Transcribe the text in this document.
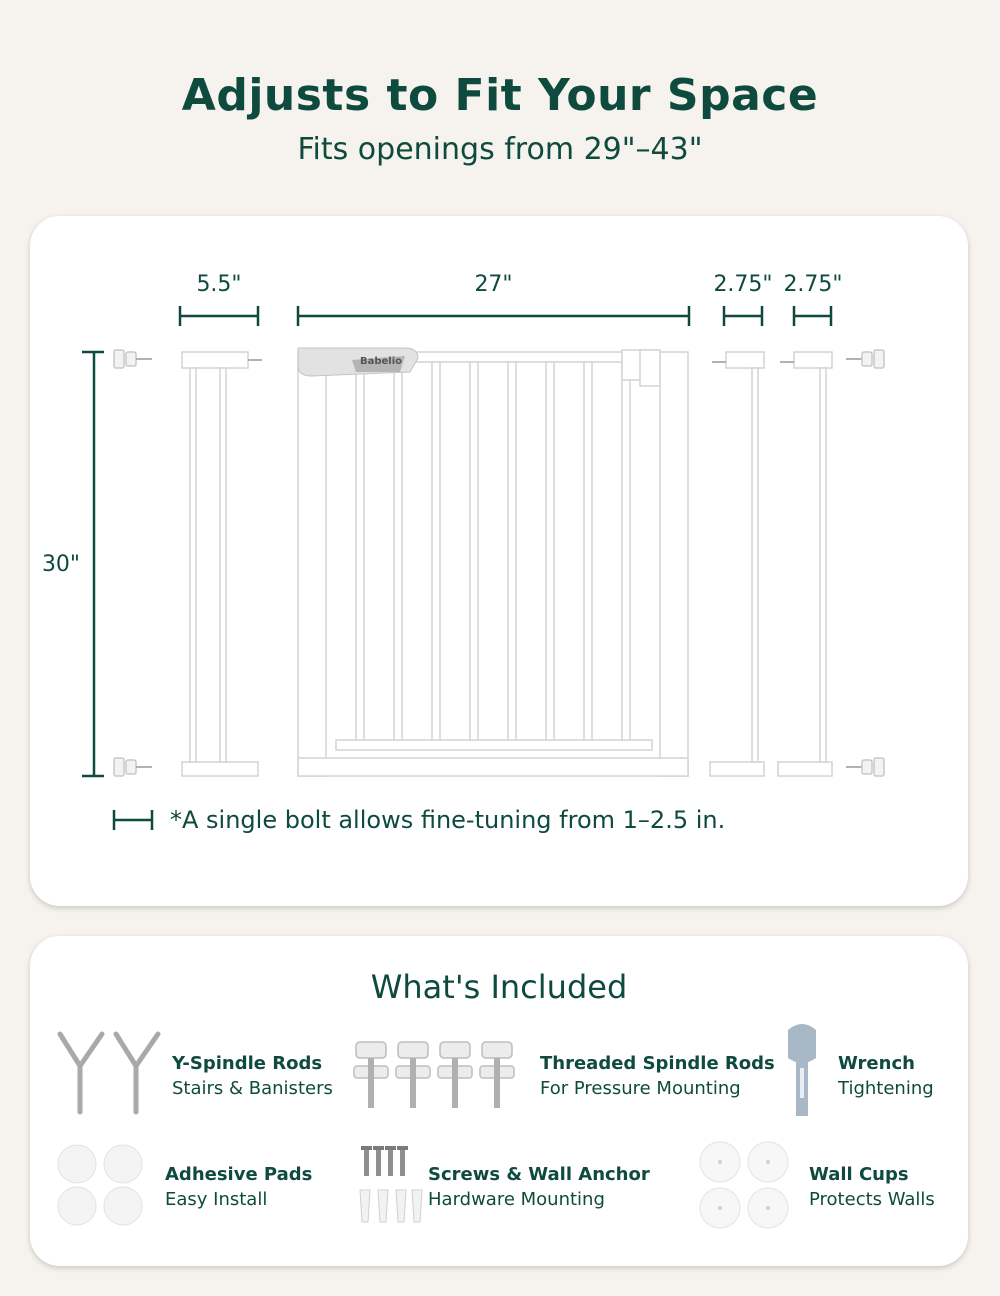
Adjusts to Fit Your Space
Fits openings from 29"–43"
Babelio
5.5"	27"	2.75" 2.75"
30"
*A single bolt allows fine-tuning from 1–2.5 in.
What's Included
Y-Spindle Rods
Stairs & Banisters
Threaded Spindle Rods
For Pressure Mounting
Wrench
Tightening
Adhesive Pads
Easy Install
Screws & Wall Anchor
Hardware Mounting
Wall Cups
Protects Walls
